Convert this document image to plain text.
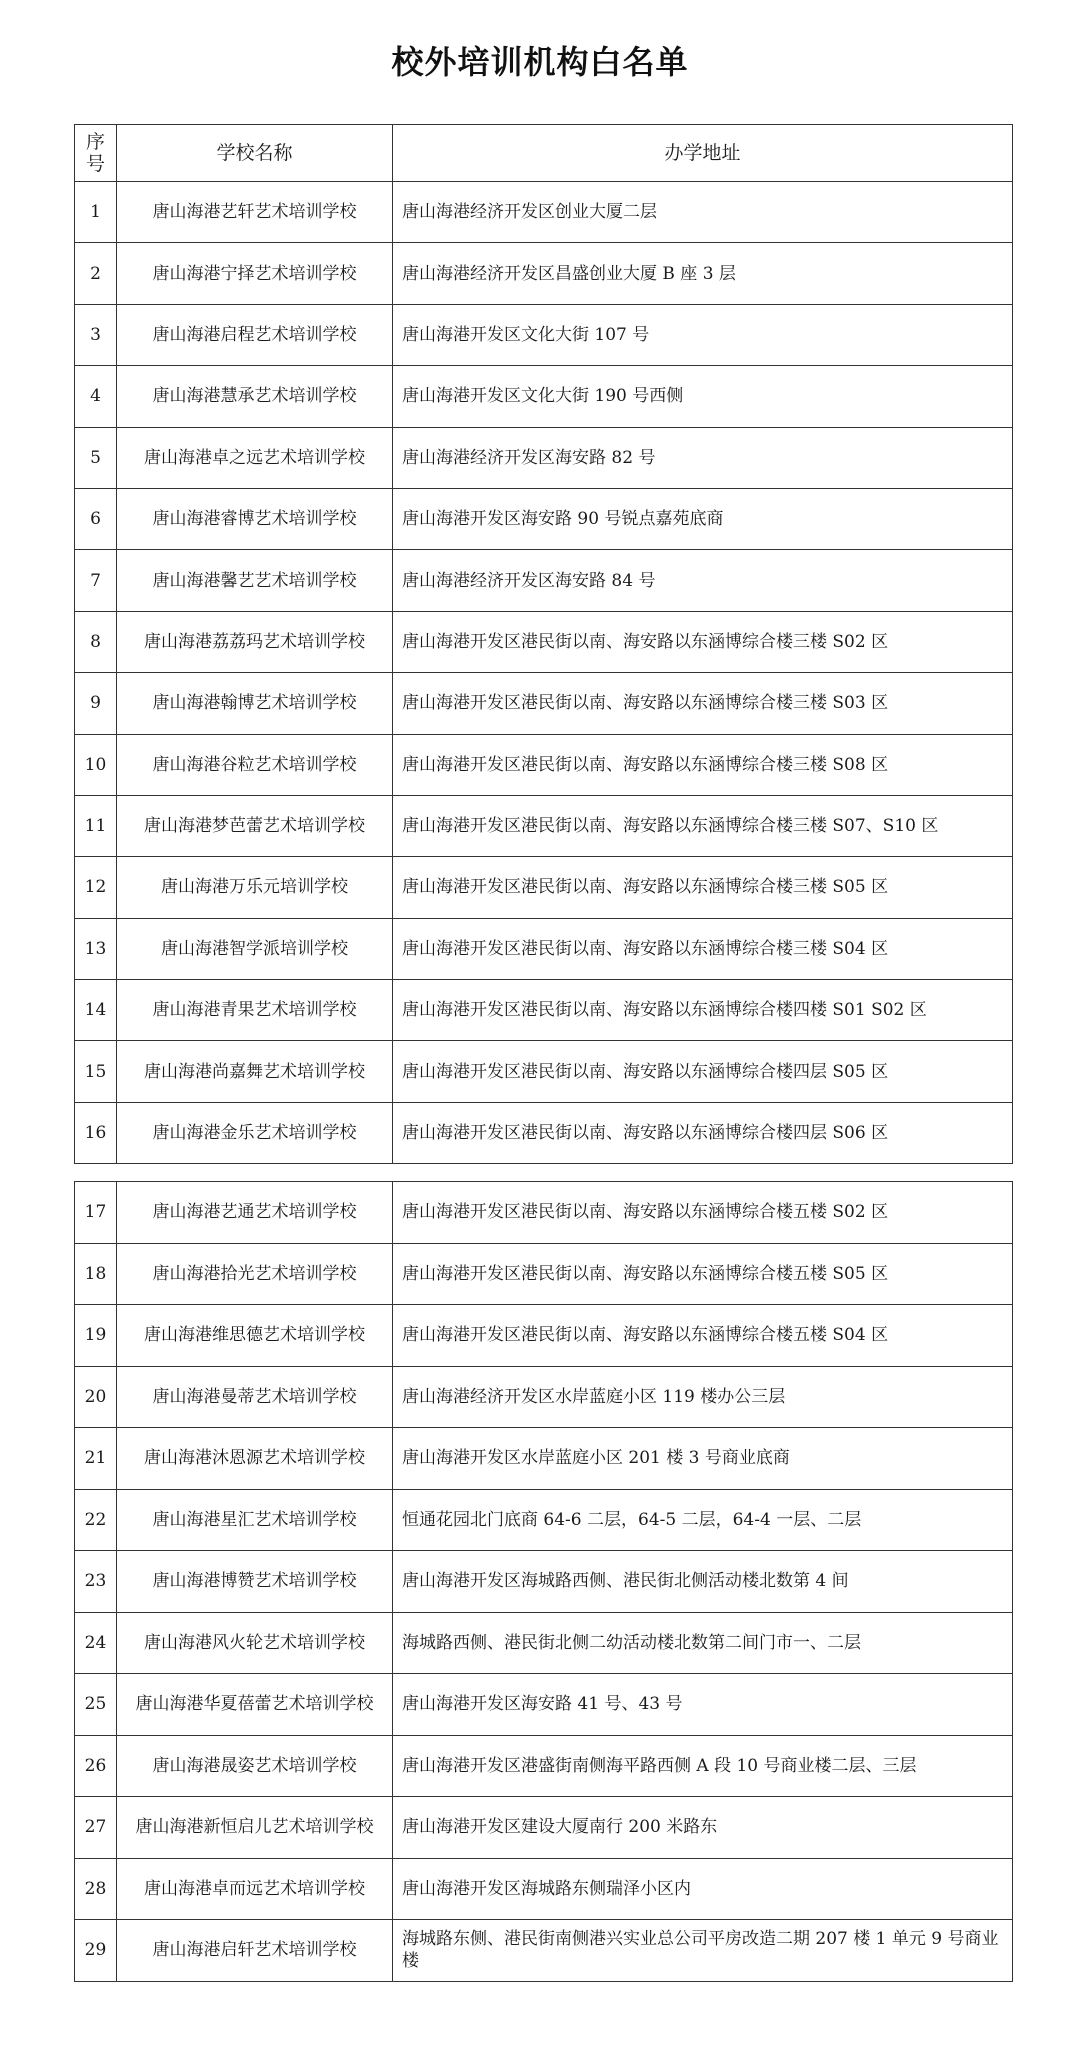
校外培训机构白名单
序号	学校名称	办学地址
1	唐山海港艺轩艺术培训学校	唐山海港经济开发区创业大厦二层
2	唐山海港宁择艺术培训学校	唐山海港经济开发区昌盛创业大厦 B 座 3 层
3	唐山海港启程艺术培训学校	唐山海港开发区文化大街 107 号
4	唐山海港慧承艺术培训学校	唐山海港开发区文化大街 190 号西侧
5	唐山海港卓之远艺术培训学校	唐山海港经济开发区海安路 82 号
6	唐山海港睿博艺术培训学校	唐山海港开发区海安路 90 号锐点嘉苑底商
7	唐山海港馨艺艺术培训学校	唐山海港经济开发区海安路 84 号
8	唐山海港荔荔玛艺术培训学校	唐山海港开发区港民街以南、海安路以东涵博综合楼三楼 S02 区
9	唐山海港翰博艺术培训学校	唐山海港开发区港民街以南、海安路以东涵博综合楼三楼 S03 区
10	唐山海港谷粒艺术培训学校	唐山海港开发区港民街以南、海安路以东涵博综合楼三楼 S08 区
11	唐山海港梦芭蕾艺术培训学校	唐山海港开发区港民街以南、海安路以东涵博综合楼三楼 S07、S10 区
12	唐山海港万乐元培训学校	唐山海港开发区港民街以南、海安路以东涵博综合楼三楼 S05 区
13	唐山海港智学派培训学校	唐山海港开发区港民街以南、海安路以东涵博综合楼三楼 S04 区
14	唐山海港青果艺术培训学校	唐山海港开发区港民街以南、海安路以东涵博综合楼四楼 S01 S02 区
15	唐山海港尚嘉舞艺术培训学校	唐山海港开发区港民街以南、海安路以东涵博综合楼四层 S05 区
16	唐山海港金乐艺术培训学校	唐山海港开发区港民街以南、海安路以东涵博综合楼四层 S06 区
17	唐山海港艺通艺术培训学校	唐山海港开发区港民街以南、海安路以东涵博综合楼五楼 S02 区
18	唐山海港拾光艺术培训学校	唐山海港开发区港民街以南、海安路以东涵博综合楼五楼 S05 区
19	唐山海港维思德艺术培训学校	唐山海港开发区港民街以南、海安路以东涵博综合楼五楼 S04 区
20	唐山海港曼蒂艺术培训学校	唐山海港经济开发区水岸蓝庭小区 119 楼办公三层
21	唐山海港沐恩源艺术培训学校	唐山海港开发区水岸蓝庭小区 201 楼 3 号商业底商
22	唐山海港星汇艺术培训学校	恒通花园北门底商 64-6 二层，64-5 二层，64-4 一层、二层
23	唐山海港博赞艺术培训学校	唐山海港开发区海城路西侧、港民街北侧活动楼北数第 4 间
24	唐山海港风火轮艺术培训学校	海城路西侧、港民街北侧二幼活动楼北数第二间门市一、二层
25	唐山海港华夏蓓蕾艺术培训学校	唐山海港开发区海安路 41 号、43 号
26	唐山海港晟姿艺术培训学校	唐山海港开发区港盛街南侧海平路西侧 A 段 10 号商业楼二层、三层
27	唐山海港新恒启儿艺术培训学校	唐山海港开发区建设大厦南行 200 米路东
28	唐山海港卓而远艺术培训学校	唐山海港开发区海城路东侧瑞泽小区内
29	唐山海港启轩艺术培训学校	海城路东侧、港民街南侧港兴实业总公司平房改造二期 207 楼 1 单元 9 号商业楼
